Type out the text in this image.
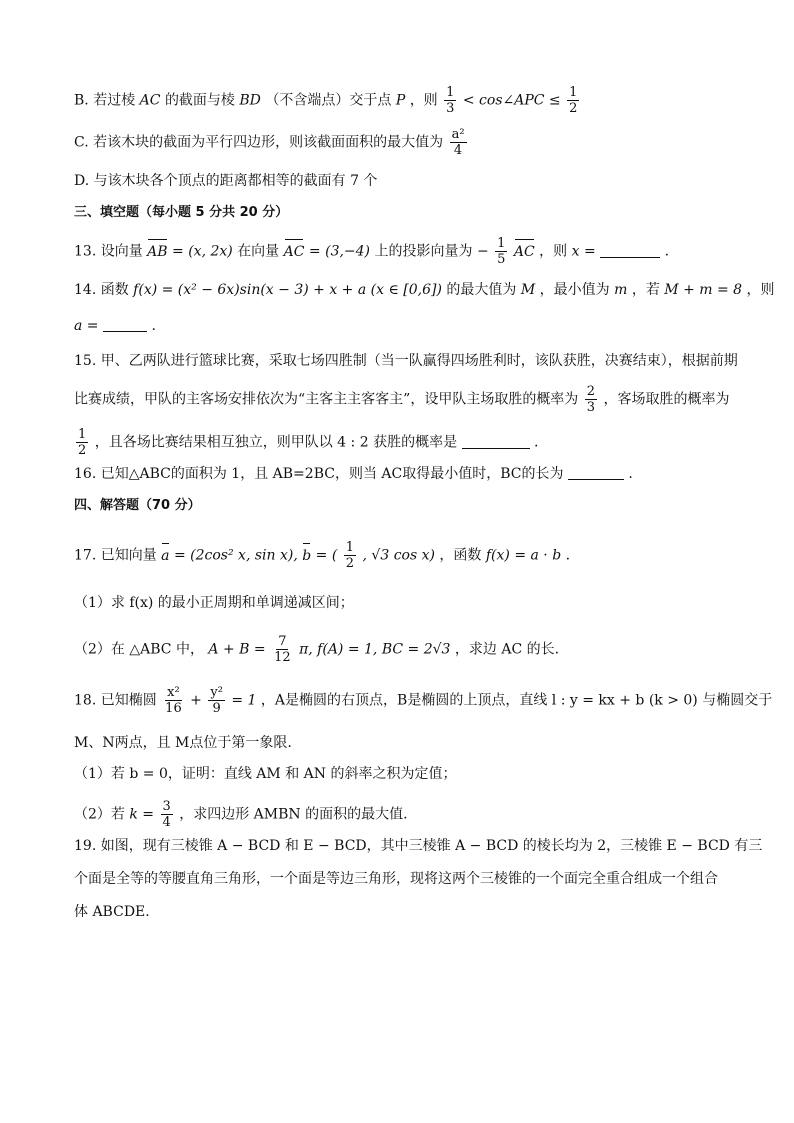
B. 若过棱 AC 的截面与棱 BD （不含端点）交于点 P ，则 $\frac{1}{3}$ < cos∠APC ≤ $\frac{1}{2}$
C. 若该木块的截面为平行四边形，则该截面面积的最大值为 $\frac{\text{a²}}{4}$
D. 与该木块各个顶点的距离都相等的截面有 7 个
三、填空题（每小题 5 分共 20 分）
13. 设向量 AB = (x, 2x) 在向量 AC = (3,−4) 上的投影向量为 − $\frac{1}{5}$ AC ，则 x =	.
14. 函数 f(x) = (x² − 6x)sin(x − 3) + x + a (x ∈ [0,6]) 的最大值为 M ，最小值为 m ，若 M + m = 8 ，则
a =	.
15. 甲、乙两队进行篮球比赛，采取七场四胜制（当一队赢得四场胜利时，该队获胜，决赛结束），根据前期
比赛成绩，甲队的主客场安排依次为“主客主主客客主”，设甲队主场取胜的概率为 $\frac{2}{3}$ ，客场取胜的概率为
$\frac{1}{2}$ ，且各场比赛结果相互独立，则甲队以 4 : 2 获胜的概率是	.
16. 已知△ABC的面积为 1，且 AB=2BC，则当 AC取得最小值时，BC的长为	.
四、解答题（70 分）
17. 已知向量 a = (2cos² x, sin x), b = ( $\frac{1}{2}$ , √3 cos x) ，函数 f(x) = a · b .
（1）求 f(x) 的最小正周期和单调递减区间；
（2）在 △ABC 中， $A + B = \frac{7}{12} \pi$, f(A) = 1, BC = 2√3 ，求边 AC 的长.
18. 已知椭圆 $\frac{\text{x²}}{16} + \frac{\text{y²}}{9} = 1$ ，A是椭圆的右顶点，B是椭圆的上顶点，直线 l : y = kx + b (k > 0) 与椭圆交于
M、N两点，且 M点位于第一象限.
（1）若 b = 0，证明：直线 AM 和 AN 的斜率之积为定值；
（2）若 $k = \frac{3}{4}$ ，求四边形 AMBN 的面积的最大值.
19. 如图，现有三棱锥 A − BCD 和 E − BCD，其中三棱锥 A − BCD 的棱长均为 2，三棱锥 E − BCD 有三
个面是全等的等腰直角三角形，一个面是等边三角形，现将这两个三棱锥的一个面完全重合组成一个组合
体 ABCDE.
